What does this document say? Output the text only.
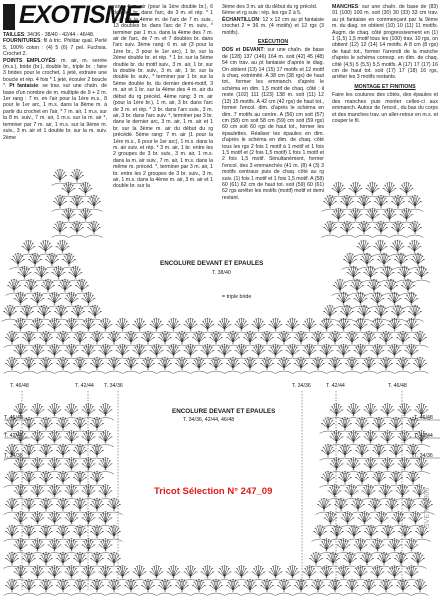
EXOTISME

TAILLES: 34/36 - 38/40 - 42/44 - 46/48.

FOURNITURES: fil à tric. Phildar qual. Perlé 5, 100% coton : (4) 5 (6) 7 pel. Fuchsia. Crochet 2.

POINTS EMPLOYÉS: m. air, m. serrée (m.s.), bride (br.), double br., triple br. ; faire 3 brides pour le crochet, 1 jeté, extraire une boucle et rép. 4 fois * 1 jeté, écouler 2 boucle *. Pt fantaisie: se trav. sur une chaîn. de base d'un nombre de m. multiple de 9 + 2 m. 1er rang : 7 m. en l'air pour la 1ère m.s., 8 pour le 1er arc, 1 m.s. dans la 8ème m. à partir du crochet en l'air, * 7 m. air, 1 m.s. sur la 8 m. suiv., 7 m. air, 1 m.s. sur la m. air *, terminer par 7 m. air, 1 m.s. sur la 9ème m. suiv., 3 m. air et 1 double br. sur la m. suiv. 2ème

rang: 4 m. air (pour la 1ère double br.), 6 doubles br. dans l'arc, de 3 m. et rép. * 1 m.s. sur la 4ème m. de l'arc de 7 m. suiv., 13 doubles br. dans l'arc de 7 m. suiv., * terminer par 1 m.s. dans la 4ème des 7 m. air de l'arc, de 7 m. et 7 doubles br. dans l'arc suiv. 3ème rang: 6 m. air (3 pour la 1ère br., 3 pour le 1er arc), 1 br. sur la 2ème double br. et rép. * 1 br. sur la 5ème double br. du motif suiv., 3 m. air, 1 br. sur la double br. suiv., 3 m. air, 1 br. sur la double br. suiv., * terminer par 1 br. sur la 5ème double br. du dernier demi-motif, 3 m. air et 1 br. sur la 4ème des 4 m. air du début du rg précéd. 4ème rang: 3 m. air (pour la 1ère br.), 1 m. air, 3 br. dans l'arc de 3 m. et rép. * 3 br. dans l'arc suiv., 3 m. air, 3 br. dans l'arc suiv. *, terminer par 3 br. dans le dernier arc, 3 m. air, 1 m. air et 1 br. sur la 3ème m. air du début du rg précédé. 5ème rang: 7 m. air (1 pour la 1ère m.s., 6 pour le 1er arc), 1 m.s. dans la m. air suiv. et rép. * 3 m. air, 1 br. entre les 2 groupes de 3 br. suiv., 3 m. air, 1 m.s. dans la m. air suiv., 7 m. air, 1 m.s. dans la même m. précéd. *, terminer par 3 m. air, 1 br. entre les 2 groupes de 3 br. suiv., 3 m. air, 1 m.s. dans la 4ème m. air, 3 m. air et 1 double br. sur la

3ème des 3 m. air du début du rg précéd.

6ème et rg suiv.: rép. les rgs 2 à 5.

ÉCHANTILLON: 12 x 12 cm au pt fantaisie crochet 2 = 36 m. (4 motifs) et 12 rgs (3 motifs).

EXÉCUTION

DOS et DEVANT: sur une chaîn. de base de (128) 137 (146) 164 m. soit (42) 45 (48) 54 cm trav. au pt fantaisie d'après le diag. On obtient (13) 14 (15) 17 motifs et 12 motif à chaq. extrémité. A 38 cm (38 rgs) de haut tot., former les emmanch. d'après le schéma en dim. 1,5 motif de chaq. côté ; il reste (102) 111 (123) 138 m. soit (11) 12 (13) 15 motifs. A 42 cm (42 rgs) de haut tot., former l'encol. dim. d'après le schéma en dim. 7 motifs au centre. A (56) cm soit (57) cm (58) cm soit 58 cm (59) cm soit (59 rgs) 60 cm soit 60 rgs de haut tot., former les épaulettes. Réaliser les épaules en dim. d'après le schéma en dim. de chaq. côté tous les rgs 2 fois 1 motif à 1 motif et 1 fois 1,5 motif et (2 fois 1,5 motif) 1 fois 1 motif et 2 fois 1,5 motif. Simultanément, former l'encol. des 3 emmanchés (41 m. (8) 4 (3) 3 motifs centraux puis de chaq. côté au rg suiv. (1) fois 1 motif et 1 fois 1,5 motif. A (58) 60 (61) 62 cm de haut tot. soit (59) 60 (61) 62 rgs arrêter les motifs (motif) motif et demi restant.

MANCHES: sur une chaîn. de base de (83) 91 (100) 100 m. soit (30) 30 (33) 33 cm trav. au pt fantaisie en commençant par la 9ème m. du diag. on obtient (10) 10 (11) 11 motifs. Augm. de chaq. côté progressivement en (1) 1 (1,5) 1,5 motif tous les (100) trav. 10 rgs, on obtient (12) 12 (14) 14 motifs. A 8 cm (8 rgs) de haut tot., former l'arrondi de la manche d'après le schéma corresp. en dim. de chaq. côté (4,5) 5 (5,5) 5,5 motifs. A (17) 17 (17) 16 cm de haut tot. soit (17) 17 (18) 16 rgs, arrêter les 3 motifs restants.

MONTAGE ET FINITIONS

Faire les coutures des côtés, des épaules et des manches puis monter celles-ci aux emmanch. Autour de l'encol., du bas du corps et des manches trav. un aller-retour en m.s. et couper le fil.

ENCOLURE DEVANT ET EPAULES
T. 38/40
= triple bride
ENCOLURE DEVANT ET EPAULES
T. 34/36, 42/44, 46/48
T. 46/48	T. 42/44 T. 34/36	T. 34/36	T. 42/44	T. 46/48
T. 46/48
T. 42/44
T. 34/36
T. 46/48
T. 42/44
T. 34/36
Tricot Sélection N° 247_09	SVETA-2006
